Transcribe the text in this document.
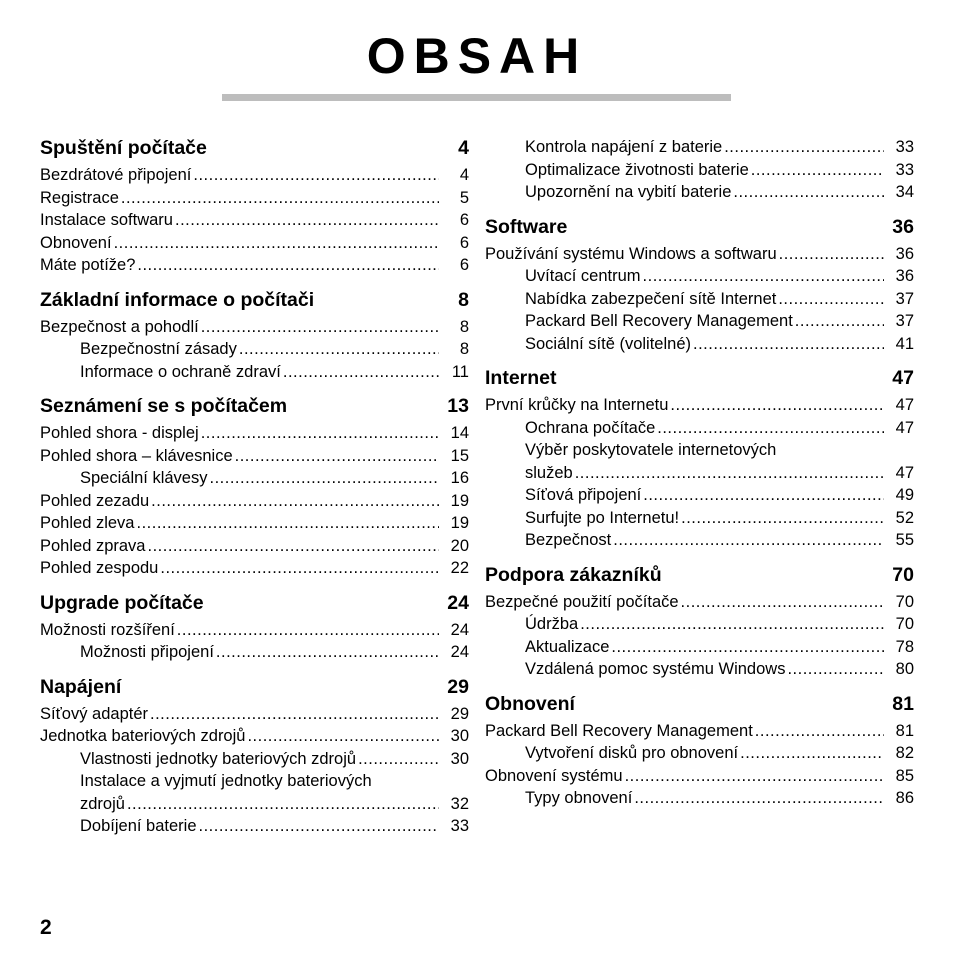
OBSAH
Spuštění počítače	4
Bezdrátové připojení .....	4
Registrace .....	5
Instalace softwaru .....	6
Obnovení .....	6
Máte potíže? .....	6
Základní informace o počítači	8
Bezpečnost a pohodlí .....	8
Bezpečnostní zásady .....	8
Informace o ochraně zdraví .....	11
Seznámení se s počítačem	13
Pohled shora - displej .....	14
Pohled shora – klávesnice .....	15
Speciální klávesy .....	16
Pohled zezadu .....	19
Pohled zleva .....	19
Pohled zprava .....	20
Pohled zespodu .....	22
Upgrade počítače	24
Možnosti rozšíření .....	24
Možnosti připojení .....	24
Napájení	29
Síťový adaptér .....	29
Jednotka bateriových zdrojů .....	30
Vlastnosti jednotky bateriových zdrojů .....	30
Instalace a vyjmutí jednotky bateriových
zdrojů .....	32
Dobíjení baterie .....	33
Kontrola napájení z baterie .....	33
Optimalizace životnosti baterie .....	33
Upozornění na vybití baterie .....	34
Software	36
Používání systému Windows a softwaru .....	36
Uvítací centrum .....	36
Nabídka zabezpečení sítě Internet .....	37
Packard Bell Recovery Management .....	37
Sociální sítě (volitelné) .....	41
Internet	47
První krůčky na Internetu .....	47
Ochrana počítače .....	47
Výběr poskytovatele internetových
služeb .....	47
Síťová připojení .....	49
Surfujte po Internetu! .....	52
Bezpečnost .....	55
Podpora zákazníků	70
Bezpečné použití počítače .....	70
Údržba .....	70
Aktualizace .....	78
Vzdálená pomoc systému Windows .....	80
Obnovení	81
Packard Bell Recovery Management .....	81
Vytvoření disků pro obnovení .....	82
Obnovení systému .....	85
Typy obnovení .....	86
2
